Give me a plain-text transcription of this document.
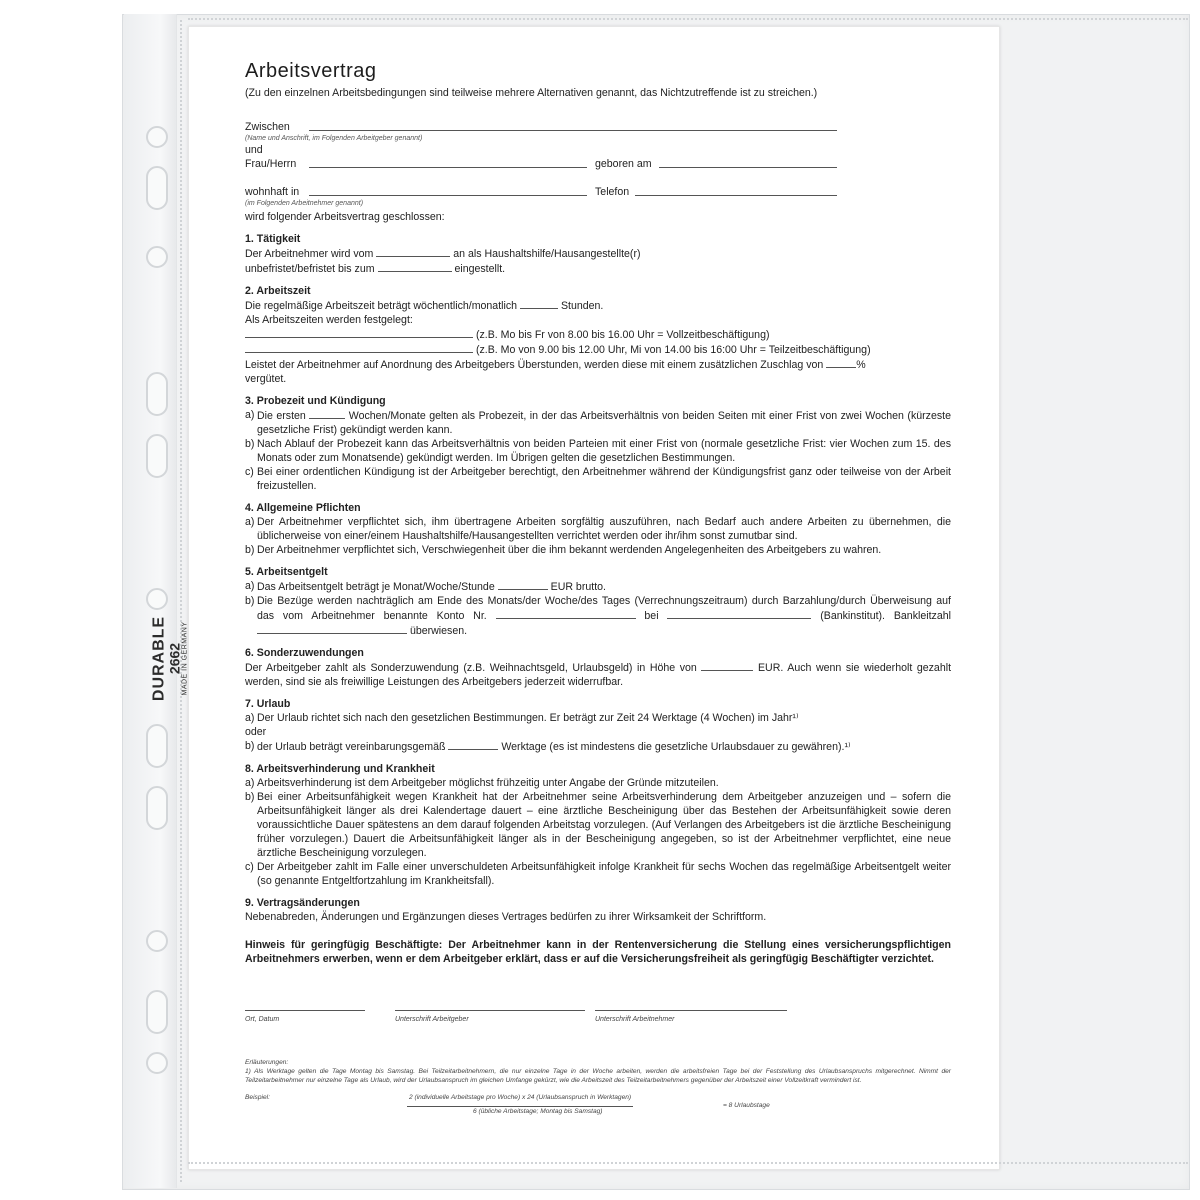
DURABLE 2662 MADE IN GERMANY
Arbeitsvertrag

(Zu den einzelnen Arbeitsbedingungen sind teilweise mehrere Alternativen genannt, das Nichtzutreffende ist zu streichen.)

Zwischen
(Name und Anschrift, im Folgenden Arbeitgeber genannt)
und
Frau/Herrn	geboren am
wohnhaft in	Telefon
(im Folgenden Arbeitnehmer genannt)

wird folgender Arbeitsvertrag geschlossen:

1. Tätigkeit

Der Arbeitnehmer wird vom	an als Haushaltshilfe/Hausangestellte(r)

unbefristet/befristet bis zum	eingestellt.

2. Arbeitszeit

Die regelmäßige Arbeitszeit beträgt wöchentlich/monatlich	Stunden.

Als Arbeitszeiten werden festgelegt:

(z.B. Mo bis Fr von 8.00 bis 16.00 Uhr = Vollzeitbeschäftigung)

(z.B. Mo von 9.00 bis 12.00 Uhr, Mi von 14.00 bis 16:00 Uhr = Teilzeitbeschäftigung)

Leistet der Arbeitnehmer auf Anordnung des Arbeitgebers Überstunden, werden diese mit einem zusätzlichen Zuschlag von	%

vergütet.

3. Probezeit und Kündigung
a) Die ersten	Wochen/Monate gelten als Probezeit, in der das Arbeitsverhältnis von beiden Seiten mit einer Frist von zwei Wochen (kürzeste gesetzliche Frist) gekündigt werden kann.
b) Nach Ablauf der Probezeit kann das Arbeitsverhältnis von beiden Parteien mit einer Frist von (normale gesetzliche Frist: vier Wochen zum 15. des Monats oder zum Monatsende) gekündigt werden. Im Übrigen gelten die gesetzlichen Bestimmungen.
c) Bei einer ordentlichen Kündigung ist der Arbeitgeber berechtigt, den Arbeitnehmer während der Kündigungsfrist ganz oder teilweise von der Arbeit freizustellen.
4. Allgemeine Pflichten
a) Der Arbeitnehmer verpflichtet sich, ihm übertragene Arbeiten sorgfältig auszuführen, nach Bedarf auch andere Arbeiten zu übernehmen, die üblicherweise von einer/einem Haushaltshilfe/Hausangestellten verrichtet werden oder ihr/ihm sonst zumutbar sind.
b) Der Arbeitnehmer verpflichtet sich, Verschwiegenheit über die ihm bekannt werdenden Angelegenheiten des Arbeitgebers zu wahren.
5. Arbeitsentgelt
a) Das Arbeitsentgelt beträgt je Monat/Woche/Stunde	EUR brutto.
b) Die Bezüge werden nachträglich am Ende des Monats/der Woche/des Tages (Verrechnungszeitraum) durch Barzahlung/durch Überweisung auf das vom Arbeitnehmer benannte Konto Nr.	bei	(Bankinstitut). Bankleitzahl  überwiesen.
6. Sonderzuwendungen

Der Arbeitgeber zahlt als Sonderzuwendung (z.B. Weihnachtsgeld, Urlaubsgeld) in Höhe von	EUR. Auch wenn sie wiederholt gezahlt werden, sind sie als freiwillige Leistungen des Arbeitgebers jederzeit widerrufbar.

7. Urlaub
a) Der Urlaub richtet sich nach den gesetzlichen Bestimmungen. Er beträgt zur Zeit 24 Werktage (4 Wochen) im Jahr¹⁾

oder

b) der Urlaub beträgt vereinbarungsgemäß	Werktage (es ist mindestens die gesetzliche Urlaubsdauer zu gewähren).¹⁾
8. Arbeitsverhinderung und Krankheit
a) Arbeitsverhinderung ist dem Arbeitgeber möglichst frühzeitig unter Angabe der Gründe mitzuteilen.
b) Bei einer Arbeitsunfähigkeit wegen Krankheit hat der Arbeitnehmer seine Arbeitsverhinderung dem Arbeitgeber anzuzeigen und – sofern die Arbeitsunfähigkeit länger als drei Kalendertage dauert – eine ärztliche Bescheinigung über das Bestehen der Arbeitsunfähigkeit sowie deren voraussichtliche Dauer spätestens an dem darauf folgenden Arbeitstag vorzulegen. (Auf Verlangen des Arbeitgebers ist die ärztliche Bescheinigung früher vorzulegen.) Dauert die Arbeitsunfähigkeit länger als in der Bescheinigung angegeben, so ist der Arbeitnehmer verpflichtet, eine neue ärztliche Bescheinigung vorzulegen.
c) Der Arbeitgeber zahlt im Falle einer unverschuldeten Arbeitsunfähigkeit infolge Krankheit für sechs Wochen das regelmäßige Arbeitsentgelt weiter (so genannte Entgeltfortzahlung im Krankheitsfall).
9. Vertragsänderungen

Nebenabreden, Änderungen und Ergänzungen dieses Vertrages bedürfen zu ihrer Wirksamkeit der Schriftform.

Hinweis für geringfügig Beschäftigte: Der Arbeitnehmer kann in der Rentenversicherung die Stellung eines versicherungspflichtigen Arbeitnehmers erwerben, wenn er dem Arbeitgeber erklärt, dass er auf die Versicherungsfreiheit als geringfügig Beschäftigter verzichtet.

Ort, Datum	Unterschrift Arbeitgeber	Unterschrift Arbeitnehmer
Erläuterungen:
1) Als Werktage gelten die Tage Montag bis Samstag. Bei Teilzeitarbeitnehmern, die nur einzelne Tage in der Woche arbeiten, werden die arbeitsfreien Tage bei der Feststellung des Urlaubsanspruchs mitgerechnet. Nimmt der Teilzeitarbeitnehmer nur einzelne Tage als Urlaub, wird der Urlaubsanspruch im gleichen Umfange gekürzt, wie die Arbeitszeit des Teilzeitarbeitnehmers gegenüber der Arbeitszeit einer Vollzeitkraft vermindert ist.
Beispiel:	2 (individuelle Arbeitstage pro Woche) x 24 (Urlaubsanspruch in Werktagen)
6 (übliche Arbeitstage; Montag bis Samstag)
= 8 Urlaubstage
